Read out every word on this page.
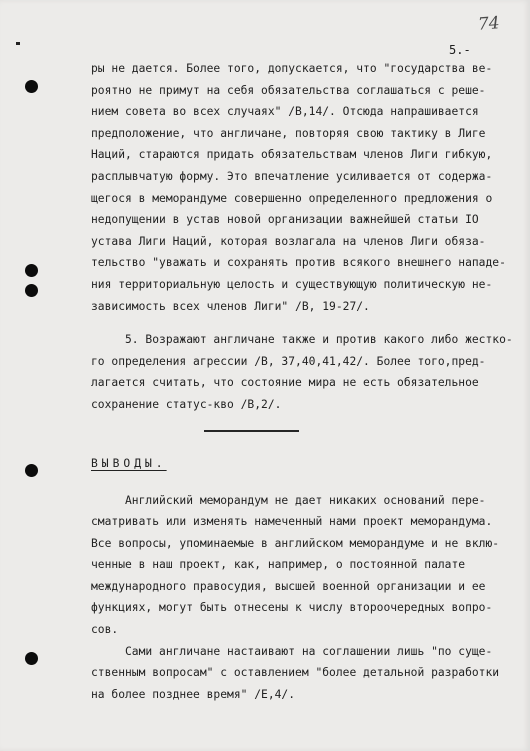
74
5.-
ры не дается. Более того, допускается, что "государства ве-
роятно не примут на себя обязательства соглашаться с реше-
нием совета во всех случаях" /В,14/. Отсюда напрашивается
предположение, что англичане, повторяя свою тактику в Лиге
Наций, стараются придать обязательствам членов Лиги гибкую,
расплывчатую форму. Это впечатление усиливается от содержа-
щегося в меморандуме совершенно определенного предложения о
недопущении в устав новой организации важнейшей статьи IO
устава Лиги Наций, которая возлагала на членов Лиги обяза-
тельство "уважать и сохранять против всякого внешнего нападе-
ния территориальную целость и существующую политическую не-
зависимость всех членов Лиги" /В, 19-27/.
5. Возражают англичане также и против какого либо жестко-
го определения агрессии /В, 37,40,41,42/. Более того,пред-
лагается считать, что состояние мира не есть обязательное
сохранение статус-кво /В,2/.
ВЫВОДЫ.
Английский меморандум не дает никаких оснований пере-
сматривать или изменять намеченный нами проект меморандума.
Все вопросы, упоминаемые в английском меморандуме и не вклю-
ченные в наш проект, как, например, о постоянной палате
международного правосудия, высшей военной организации и ее
функциях, могут быть отнесены к числу второочередных вопро-
сов.
Сами англичане настаивают на соглашении лишь "по суще-
ственным вопросам" с оставлением "более детальной разработки
на более позднее время" /Е,4/.
